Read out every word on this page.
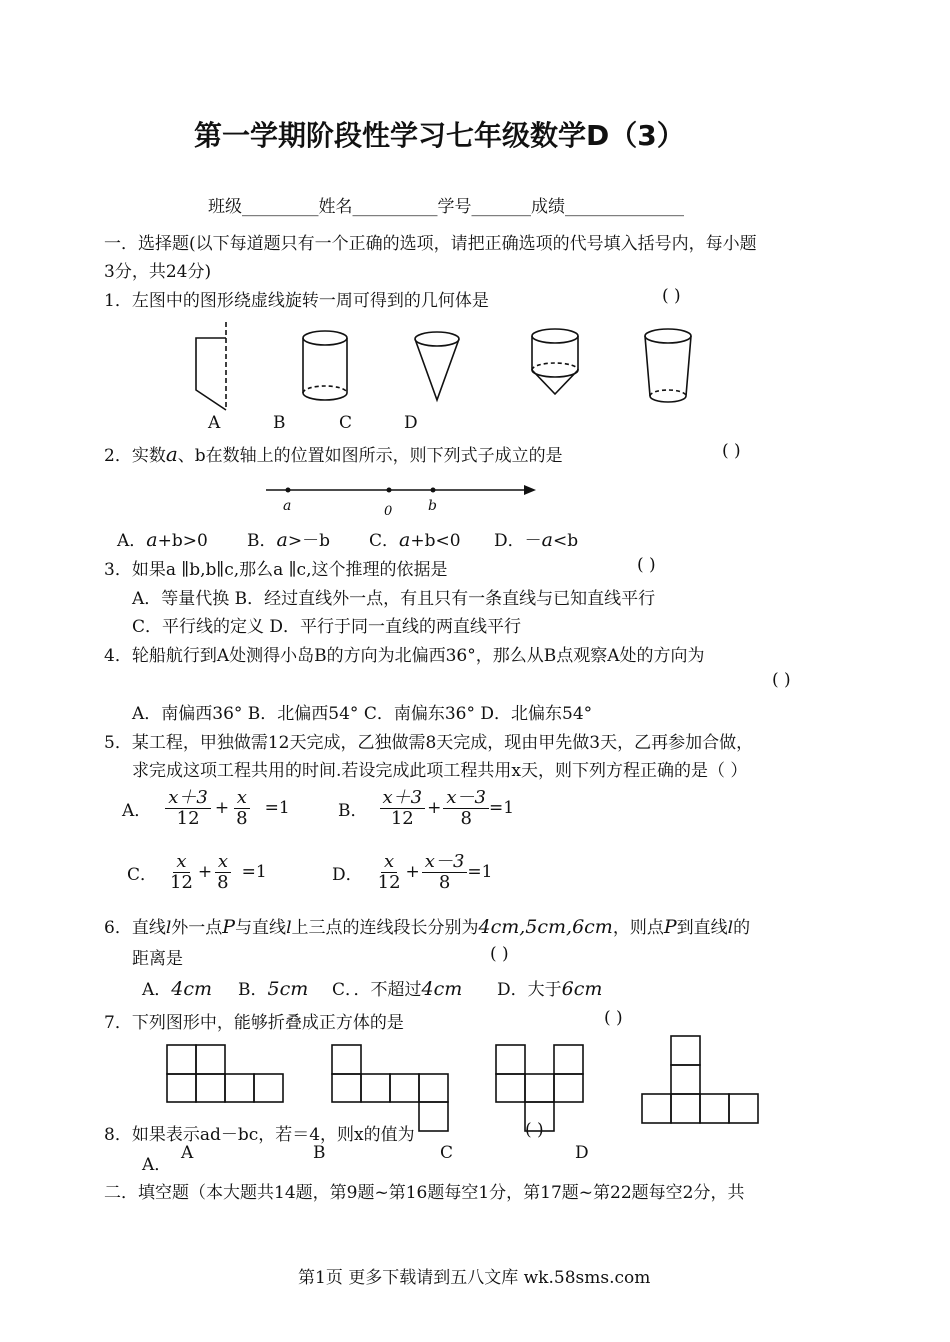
第一学期阶段性学习七年级数学D（3）
班级_________姓名__________学号_______成绩______________
一．选择题(以下每道题只有一个正确的选项，请把正确选项的代号填入括号内，每小题
3分，共24分)
1．左图中的图形绕虚线旋转一周可得到的几何体是	( )
A	B	C	D
2．实数a、b在数轴上的位置如图所示，则下列式子成立的是	( )
a	0	b
A．a+b>0 B．a>－b C．a+b<0 D．－a<b
3．如果a ∥b,b∥c,那么a ∥c,这个推理的依据是	( )
A．等量代换 B．经过直线外一点，有且只有一条直线与已知直线平行
C．平行线的定义 D．平行于同一直线的两直线平行
4．轮船航行到A处测得小岛B的方向为北偏西36°，那么从B点观察A处的方向为
( )
A．南偏西36° B．北偏西54° C．南偏东36° D．北偏东54°
5．某工程，甲独做需12天完成，乙独做需8天完成，现由甲先做3天，乙再参加合做，
求完成这项工程共用的时间.若设完成此项工程共用x天，则下列方程正确的是（ ）
A． $\frac{x+3}{12} + \frac{x}{8} =1$	B． $\frac{x+3}{12} + \frac{x-3}{8} =1$
C． $\frac{x}{12} + \frac{x}{8} =1$	D． $\frac{x}{12} + \frac{x-3}{8} =1$
6．直线l外一点P与直线l上三点的连线段长分别为4cm,5cm,6cm，则点P到直线l的
距离是	( )
A．4cm B．5cm C．．不超过4cm D．大于6cm
7．下列图形中，能够折叠成正方体的是	( )
8．如果表示ad－bc，若＝4，则x的值为	( )
A．
A	B	C	D
二．填空题（本大题共14题，第9题~第16题每空1分，第17题~第22题每空2分，共
第1页 更多下载请到五八文库 wk.58sms.com
